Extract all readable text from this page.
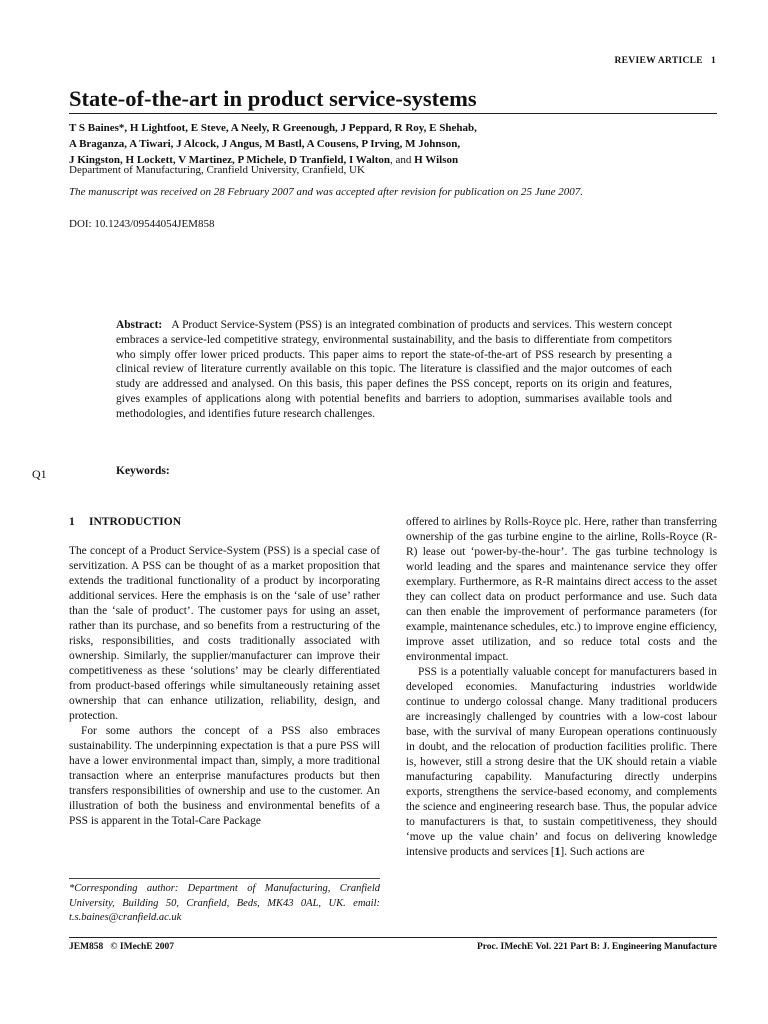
REVIEW ARTICLE   1
State-of-the-art in product service-systems
T S Baines*, H Lightfoot, E Steve, A Neely, R Greenough, J Peppard, R Roy, E Shehab,
A Braganza, A Tiwari, J Alcock, J Angus, M Bastl, A Cousens, P Irving, M Johnson,
J Kingston, H Lockett, V Martinez, P Michele, D Tranfield, I Walton, and H Wilson
Department of Manufacturing, Cranfield University, Cranfield, UK
The manuscript was received on 28 February 2007 and was accepted after revision for publication on 25 June 2007.
DOI: 10.1243/09544054JEM858
Abstract: A Product Service-System (PSS) is an integrated combination of products and services. This western concept embraces a service-led competitive strategy, environmental sustainability, and the basis to differentiate from competitors who simply offer lower priced products. This paper aims to report the state-of-the-art of PSS research by presenting a clinical review of literature currently available on this topic. The literature is classified and the major outcomes of each study are addressed and analysed. On this basis, this paper defines the PSS concept, reports on its origin and features, gives examples of applications along with potential benefits and barriers to adoption, summarises available tools and methodologies, and identifies future research challenges.
Q1	Keywords:
1 INTRODUCTION

The concept of a Product Service-System (PSS) is a special case of servitization. A PSS can be thought of as a market proposition that extends the traditional functionality of a product by incorporating additional services. Here the emphasis is on the ‘sale of use’ rather than the ‘sale of product’. The customer pays for using an asset, rather than its purchase, and so benefits from a restructuring of the risks, responsibilities, and costs traditionally associated with ownership. Similarly, the supplier/manufacturer can improve their competitiveness as these ‘solutions’ may be clearly differentiated from product-based offerings while simultaneously retaining asset ownership that can enhance utilization, reliability, design, and protection.

For some authors the concept of a PSS also embraces sustainability. The underpinning expectation is that a pure PSS will have a lower environmental impact than, simply, a more traditional transaction where an enterprise manufactures products but then transfers responsibilities of ownership and use to the customer. An illustration of both the business and environmental benefits of a PSS is apparent in the Total-Care Package

offered to airlines by Rolls-Royce plc. Here, rather than transferring ownership of the gas turbine engine to the airline, Rolls-Royce (R-R) lease out ‘power-by-the-hour’. The gas turbine technology is world leading and the spares and maintenance service they offer exemplary. Furthermore, as R-R maintains direct access to the asset they can collect data on product performance and use. Such data can then enable the improvement of performance parameters (for example, maintenance schedules, etc.) to improve engine efficiency, improve asset utilization, and so reduce total costs and the environmental impact.

PSS is a potentially valuable concept for manufacturers based in developed economies. Manufacturing industries worldwide continue to undergo colossal change. Many traditional producers are increasingly challenged by countries with a low-cost labour base, with the survival of many European operations continuously in doubt, and the relocation of production facilities prolific. There is, however, still a strong desire that the UK should retain a viable manufacturing capability. Manufacturing directly underpins exports, strengthens the service-based economy, and complements the science and engineering research base. Thus, the popular advice to manufacturers is that, to sustain competitiveness, they should ‘move up the value chain’ and focus on delivering knowledge intensive products and services [1]. Such actions are

*Corresponding author: Department of Manufacturing, Cranfield University, Building 50, Cranfield, Beds, MK43 0AL, UK. email: t.s.baines@cranfield.ac.uk
JEM858   © IMechE 2007	Proc. IMechE Vol. 221 Part B: J. Engineering Manufacture
